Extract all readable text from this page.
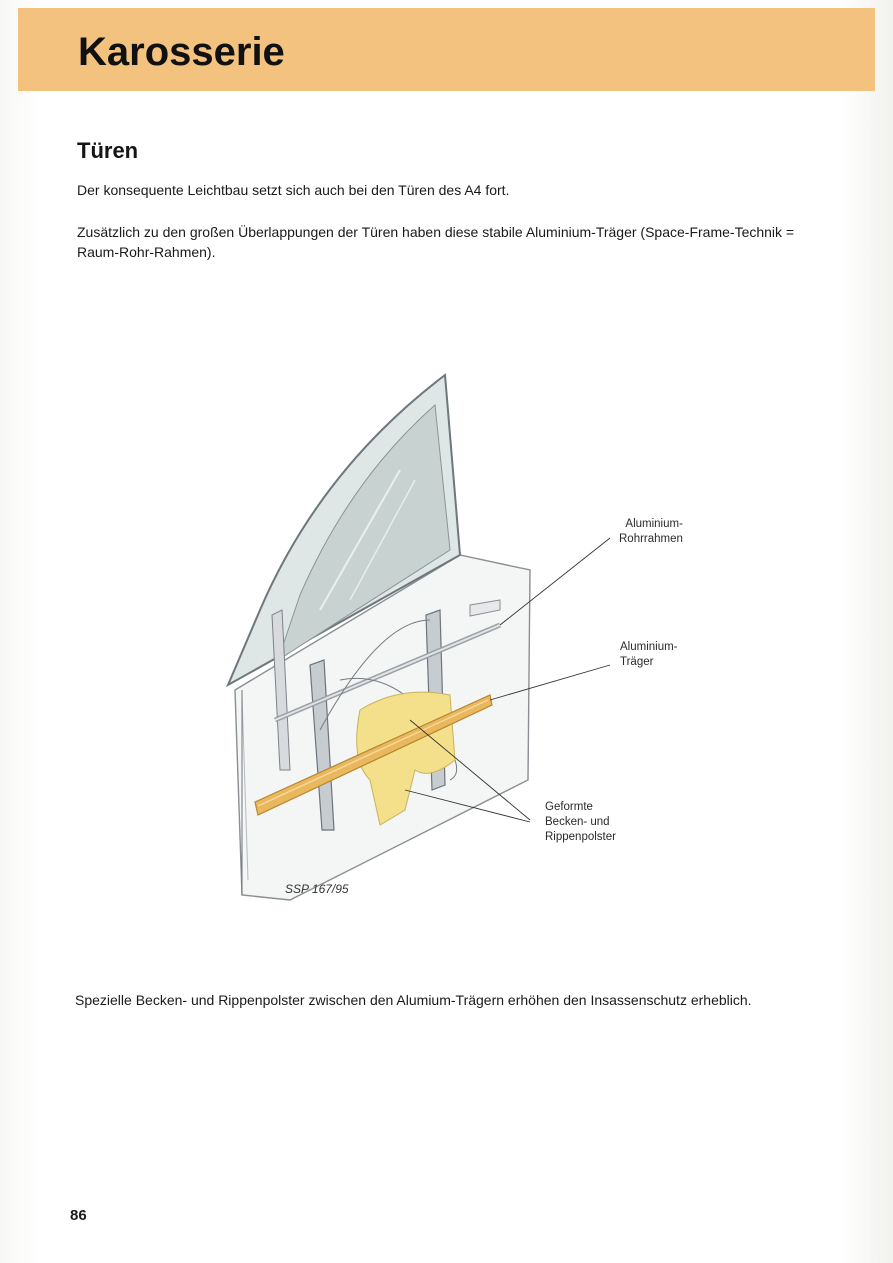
Karosserie
Türen

Der konsequente Leichtbau setzt sich auch bei den Türen des A4 fort.

Zusätzlich zu den großen Überlappungen der Türen haben diese stabile Aluminium-Träger (Space-Frame-Technik = Raum-Rohr-Rahmen).

Aluminium-
Rohrrahmen

Aluminium-
Träger

Geformte
Becken- und
Rippenpolster

SSP 167/95

Spezielle Becken- und Rippenpolster zwischen den Alumium-Trägern erhöhen den Insassenschutz erheblich.

86
